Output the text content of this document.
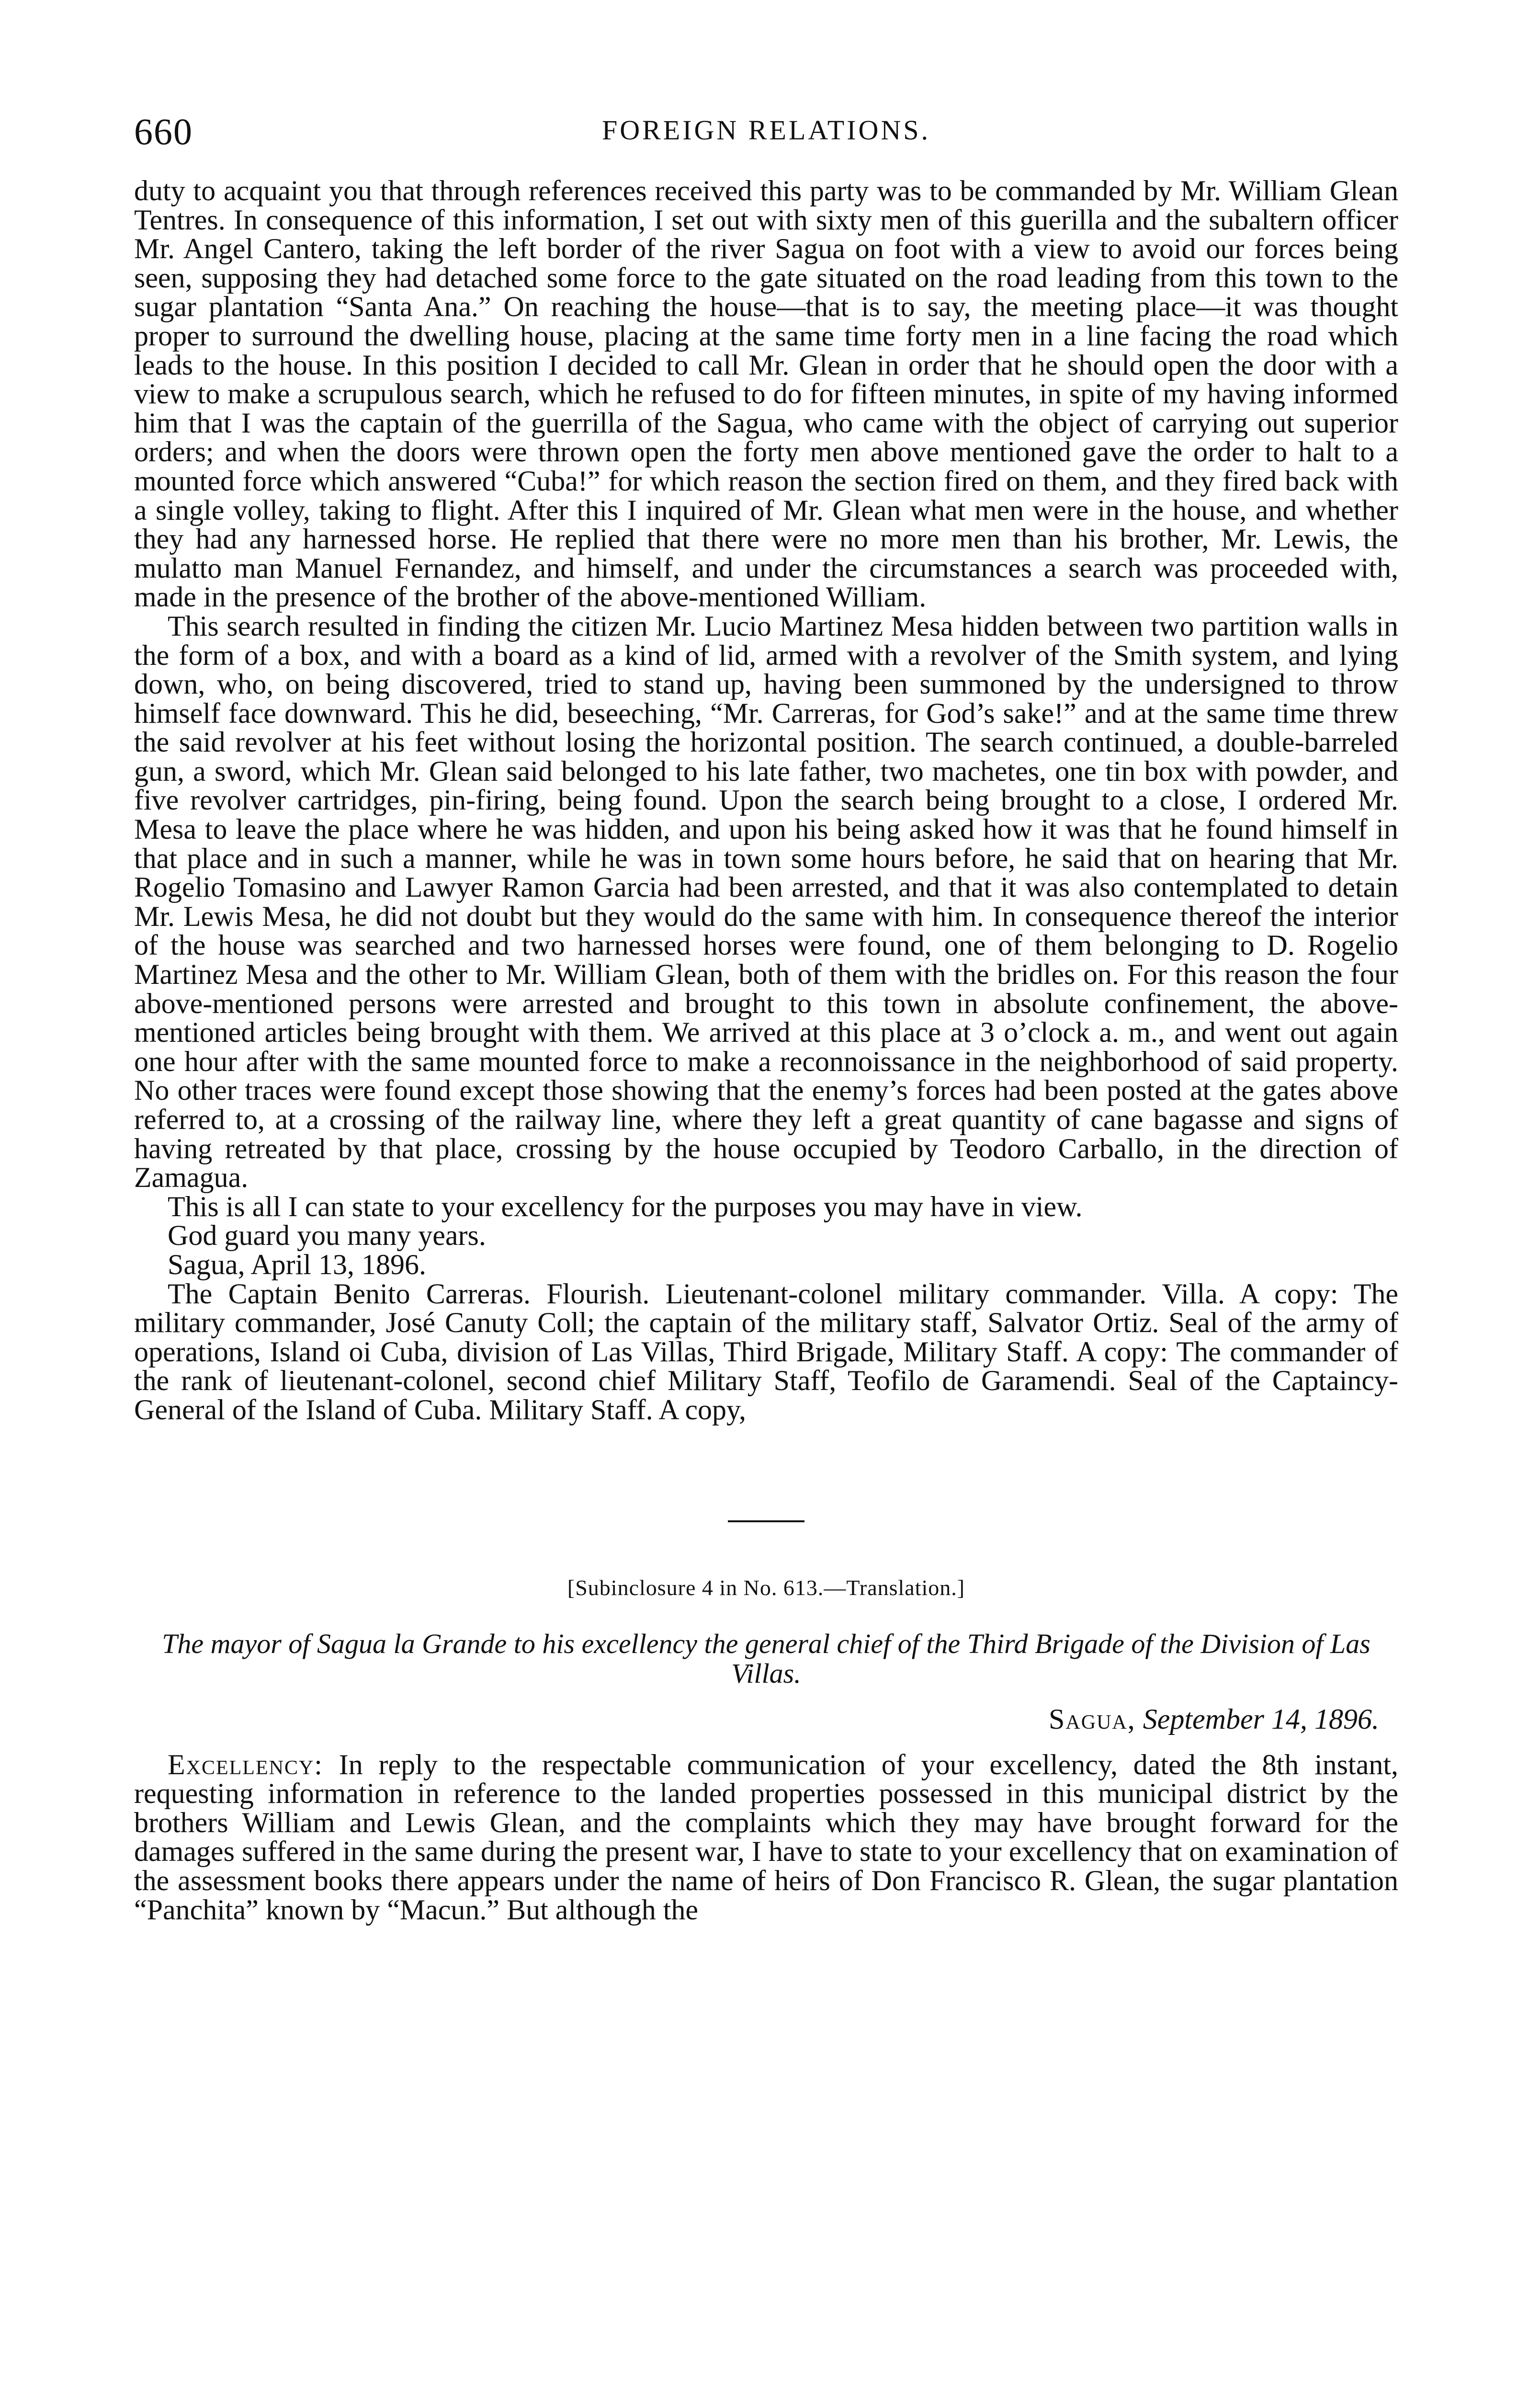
660	FOREIGN RELATIONS.

duty to acquaint you that through references received this party was to be commanded by Mr. William Glean Tentres. In consequence of this information, I set out with sixty men of this guerilla and the subaltern officer Mr. Angel Cantero, taking the left border of the river Sagua on foot with a view to avoid our forces being seen, supposing they had detached some force to the gate situated on the road leading from this town to the sugar plantation “Santa Ana.” On reaching the house—that is to say, the meeting place—it was thought proper to surround the dwelling house, placing at the same time forty men in a line facing the road which leads to the house. In this position I decided to call Mr. Glean in order that he should open the door with a view to make a scrupulous search, which he refused to do for fifteen minutes, in spite of my having informed him that I was the captain of the guerrilla of the Sagua, who came with the object of carrying out superior orders; and when the doors were thrown open the forty men above mentioned gave the order to halt to a mounted force which answered “Cuba!” for which reason the section fired on them, and they fired back with a single volley, taking to flight. After this I inquired of Mr. Glean what men were in the house, and whether they had any harnessed horse. He replied that there were no more men than his brother, Mr. Lewis, the mulatto man Manuel Fernandez, and himself, and under the circumstances a search was proceeded with, made in the presence of the brother of the above-mentioned William.

This search resulted in finding the citizen Mr. Lucio Martinez Mesa hidden between two partition walls in the form of a box, and with a board as a kind of lid, armed with a revolver of the Smith system, and lying down, who, on being discovered, tried to stand up, having been summoned by the undersigned to throw himself face downward. This he did, beseeching, “Mr. Carreras, for God’s sake!” and at the same time threw the said revolver at his feet without losing the horizontal position. The search continued, a double-barreled gun, a sword, which Mr. Glean said belonged to his late father, two machetes, one tin box with powder, and five revolver cartridges, pin-firing, being found. Upon the search being brought to a close, I ordered Mr. Mesa to leave the place where he was hidden, and upon his being asked how it was that he found himself in that place and in such a manner, while he was in town some hours before, he said that on hearing that Mr. Rogelio Tomasino and Lawyer Ramon Garcia had been arrested, and that it was also contemplated to detain Mr. Lewis Mesa, he did not doubt but they would do the same with him. In consequence thereof the interior of the house was searched and two harnessed horses were found, one of them belonging to D. Rogelio Martinez Mesa and the other to Mr. William Glean, both of them with the bridles on. For this reason the four above-mentioned persons were arrested and brought to this town in absolute confinement, the above-mentioned articles being brought with them. We arrived at this place at 3 o’clock a. m., and went out again one hour after with the same mounted force to make a reconnoissance in the neighborhood of said property. No other traces were found except those showing that the enemy’s forces had been posted at the gates above referred to, at a crossing of the railway line, where they left a great quantity of cane bagasse and signs of having retreated by that place, crossing by the house occupied by Teodoro Carballo, in the direction of Zamagua.

This is all I can state to your excellency for the purposes you may have in view.

God guard you many years.

Sagua, April 13, 1896.

The Captain Benito Carreras. Flourish. Lieutenant-colonel military commander. Villa. A copy: The military commander, José Canuty Coll; the captain of the military staff, Salvator Ortiz. Seal of the army of operations, Island oi Cuba, division of Las Villas, Third Brigade, Military Staff. A copy: The commander of the rank of lieutenant-colonel, second chief Military Staff, Teofilo de Garamendi. Seal of the Captaincy-General of the Island of Cuba. Military Staff. A copy,

[Subinclosure 4 in No. 613.—Translation.]
The mayor of Sagua la Grande to his excellency the general chief of the Third Brigade of the Division of Las Villas.
Sagua, September 14, 1896.

Excellency: In reply to the respectable communication of your excellency, dated the 8th instant, requesting information in reference to the landed properties possessed in this municipal district by the brothers William and Lewis Glean, and the complaints which they may have brought forward for the damages suffered in the same during the present war, I have to state to your excellency that on examination of the assessment books there appears under the name of heirs of Don Francisco R. Glean, the sugar plantation “Panchita” known by “Macun.” But although the
